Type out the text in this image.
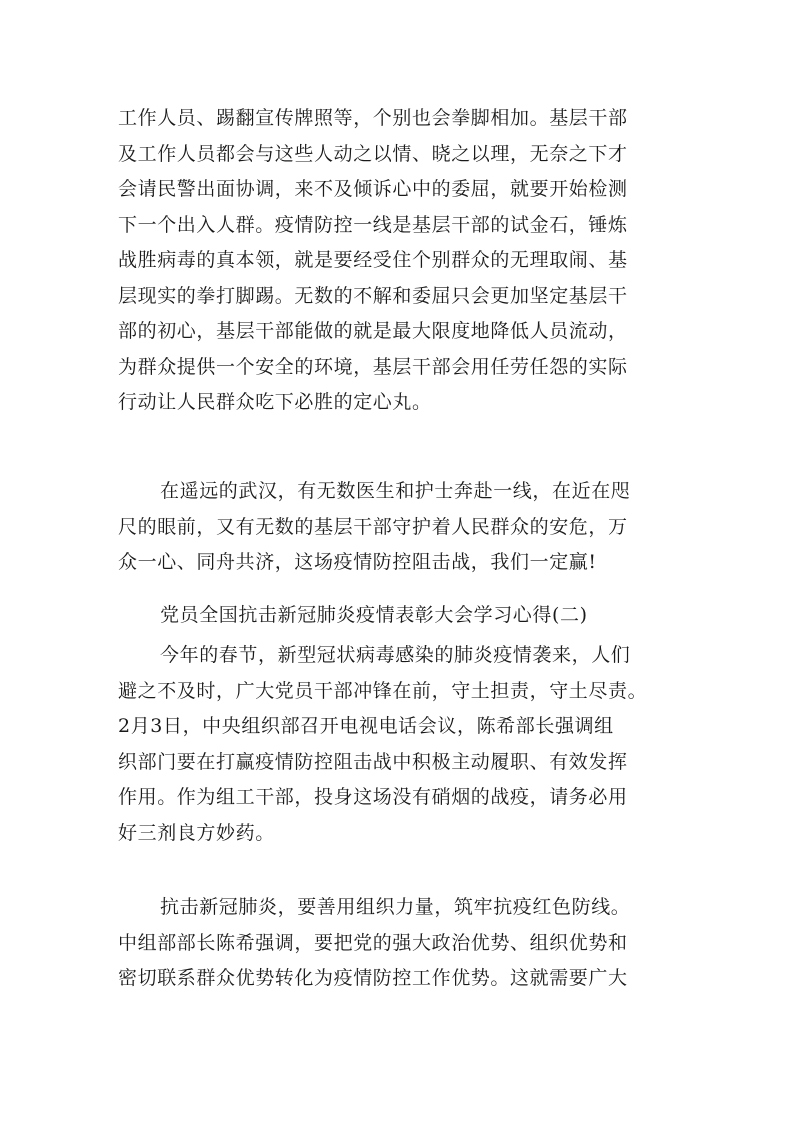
工作人员、踢翻宣传牌照等，个别也会拳脚相加。基层干部
及工作人员都会与这些人动之以情、晓之以理，无奈之下才
会请民警出面协调，来不及倾诉心中的委屈，就要开始检测
下一个出入人群。疫情防控一线是基层干部的试金石，锤炼
战胜病毒的真本领，就是要经受住个别群众的无理取闹、基
层现实的拳打脚踢。无数的不解和委屈只会更加坚定基层干
部的初心，基层干部能做的就是最大限度地降低人员流动，
为群众提供一个安全的环境，基层干部会用任劳任怨的实际
行动让人民群众吃下必胜的定心丸。
在遥远的武汉，有无数医生和护士奔赴一线，在近在咫
尺的眼前，又有无数的基层干部守护着人民群众的安危，万
众一心、同舟共济，这场疫情防控阻击战，我们一定赢!
党员全国抗击新冠肺炎疫情表彰大会学习心得(二)
今年的春节，新型冠状病毒感染的肺炎疫情袭来，人们
避之不及时，广大党员干部冲锋在前，守土担责，守土尽责。
2月3日，中央组织部召开电视电话会议，陈希部长强调组
织部门要在打赢疫情防控阻击战中积极主动履职、有效发挥
作用。作为组工干部，投身这场没有硝烟的战疫，请务必用
好三剂良方妙药。
抗击新冠肺炎，要善用组织力量，筑牢抗疫红色防线。
中组部部长陈希强调，要把党的强大政治优势、组织优势和
密切联系群众优势转化为疫情防控工作优势。这就需要广大
